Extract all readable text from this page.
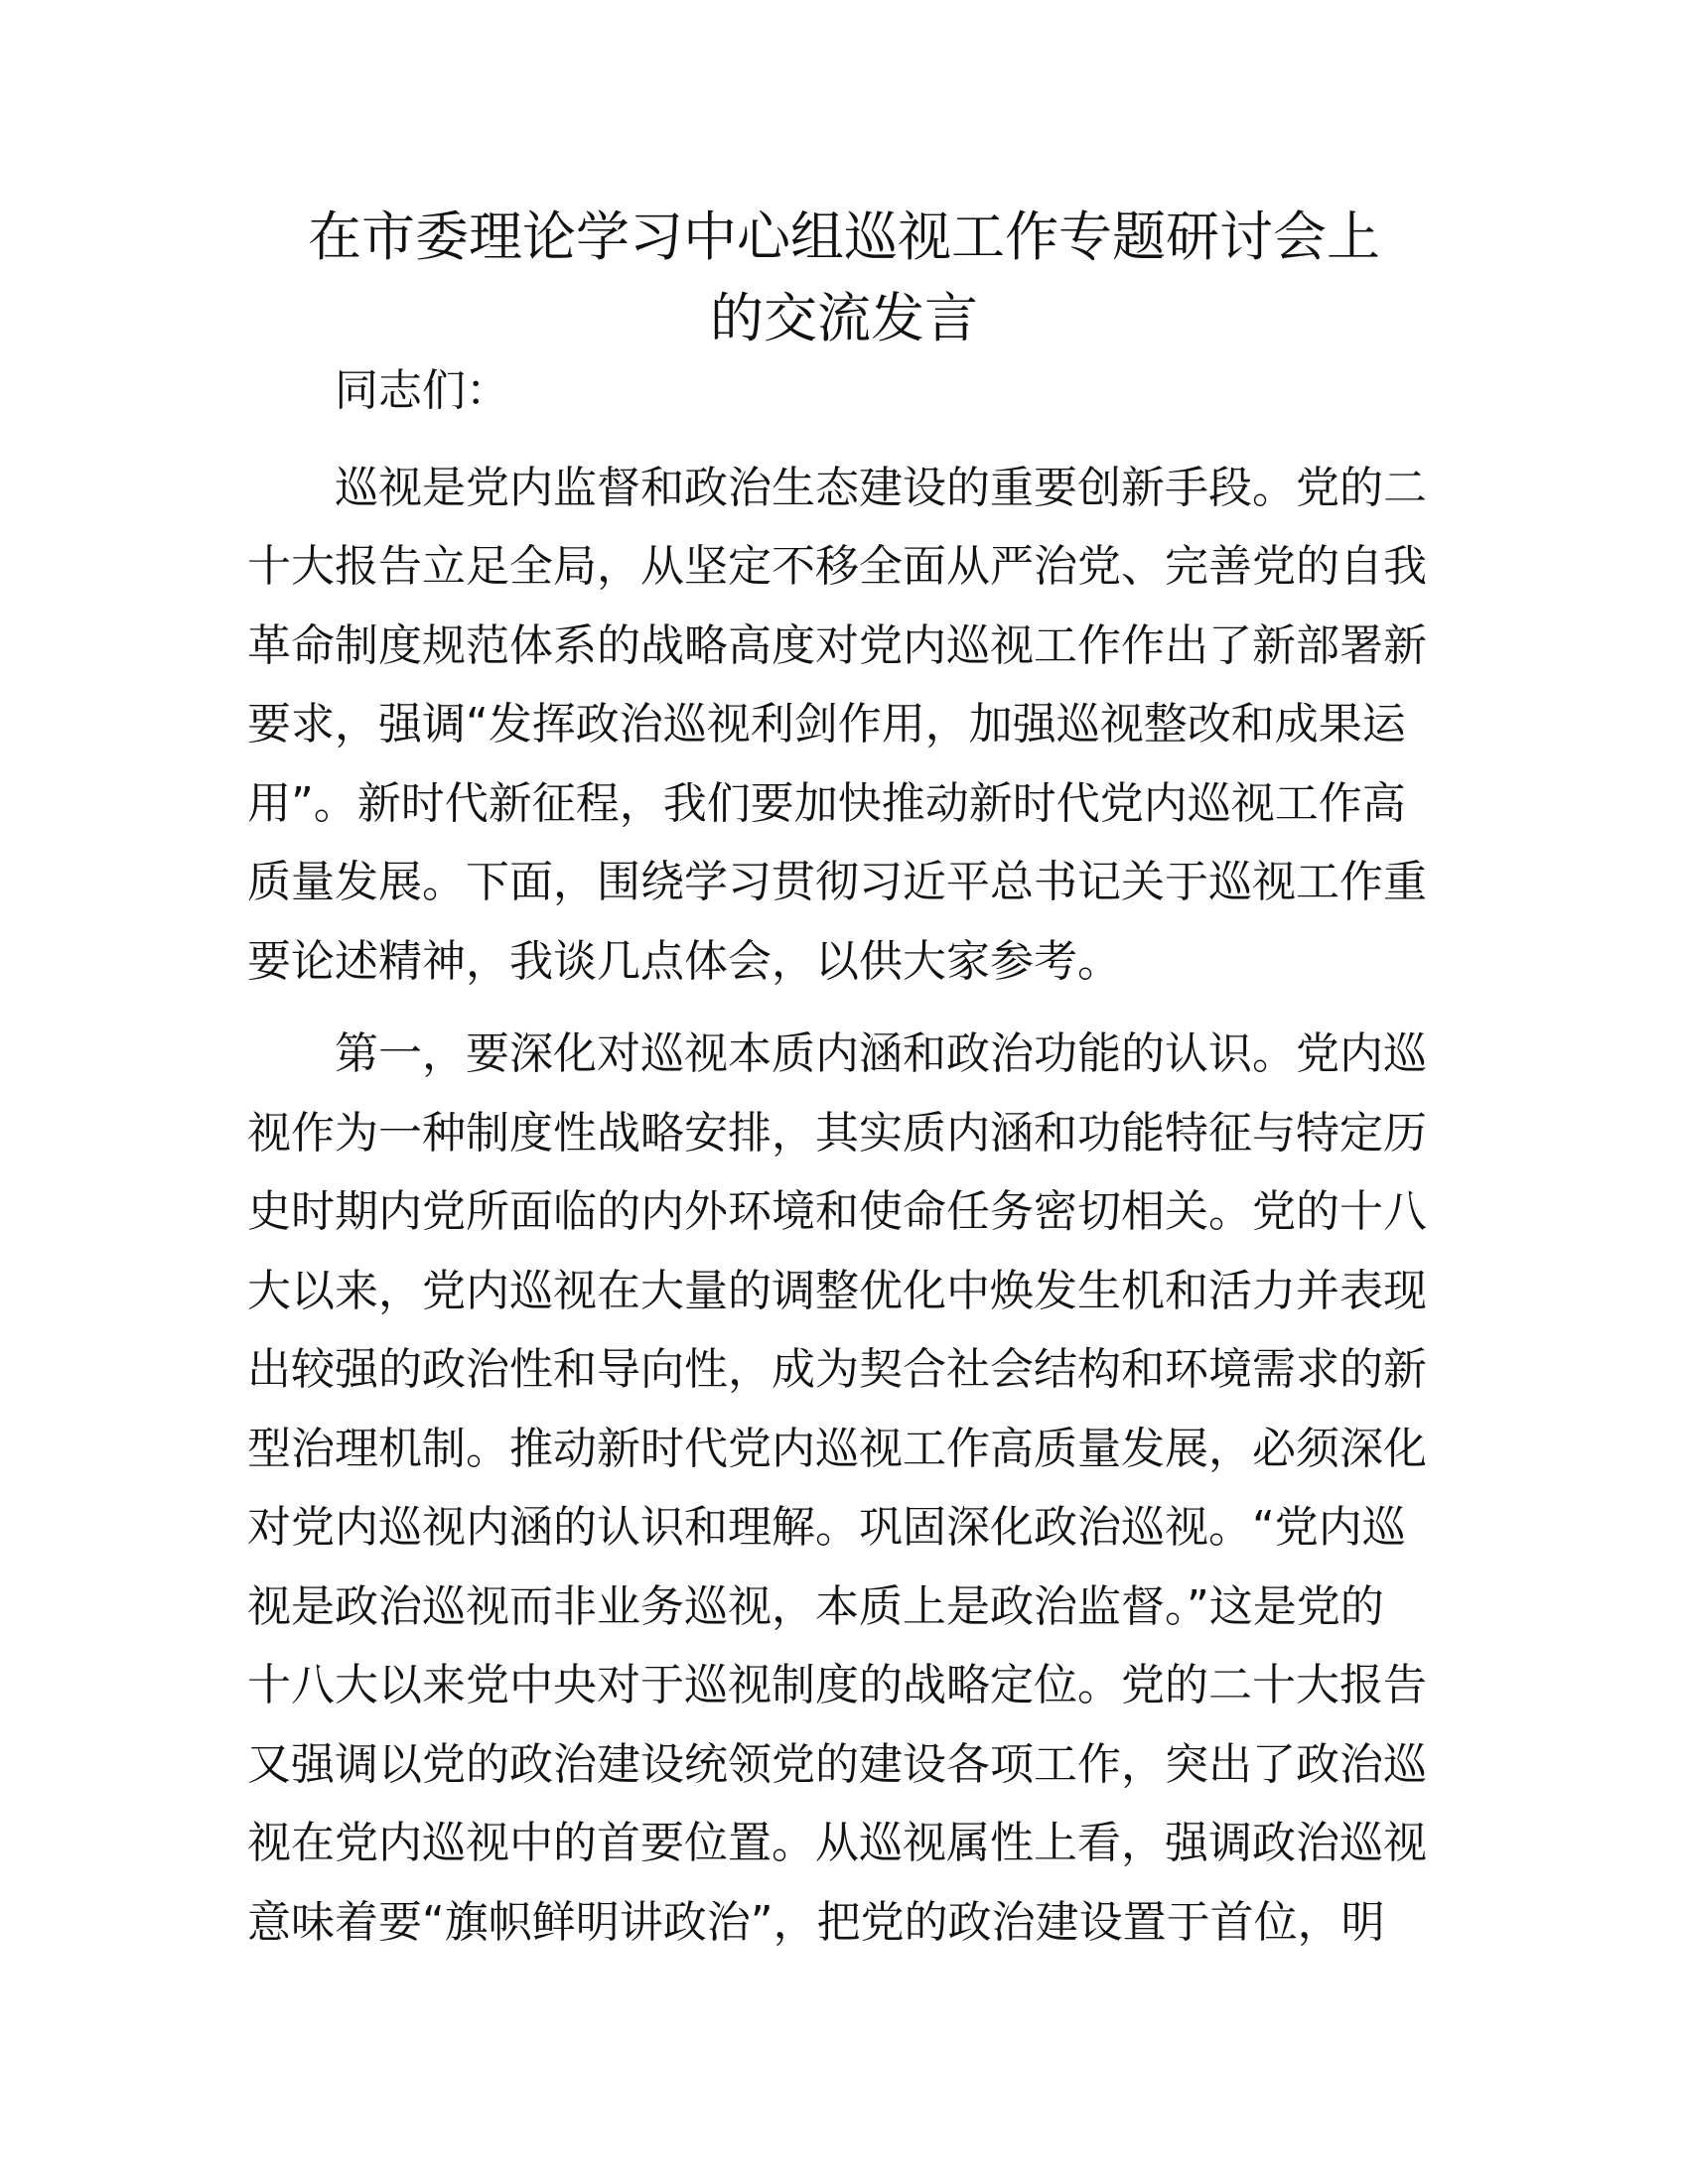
在市委理论学习中心组巡视工作专题研讨会上
的交流发言

同志们：

巡视是党内监督和政治生态建设的重要创新手段。党的二
十大报告立足全局，从坚定不移全面从严治党、完善党的自我
革命制度规范体系的战略高度对党内巡视工作作出了新部署新
要求，强调“发挥政治巡视利剑作用，加强巡视整改和成果运
用”。新时代新征程，我们要加快推动新时代党内巡视工作高
质量发展。下面，围绕学习贯彻习近平总书记关于巡视工作重
要论述精神，我谈几点体会，以供大家参考。

第一，要深化对巡视本质内涵和政治功能的认识。党内巡
视作为一种制度性战略安排，其实质内涵和功能特征与特定历
史时期内党所面临的内外环境和使命任务密切相关。党的十八
大以来，党内巡视在大量的调整优化中焕发生机和活力并表现
出较强的政治性和导向性，成为契合社会结构和环境需求的新
型治理机制。推动新时代党内巡视工作高质量发展，必须深化
对党内巡视内涵的认识和理解。巩固深化政治巡视。“党内巡
视是政治巡视而非业务巡视，本质上是政治监督。”这是党的
十八大以来党中央对于巡视制度的战略定位。党的二十大报告
又强调以党的政治建设统领党的建设各项工作，突出了政治巡
视在党内巡视中的首要位置。从巡视属性上看，强调政治巡视
意味着要“旗帜鲜明讲政治”，把党的政治建设置于首位，明
